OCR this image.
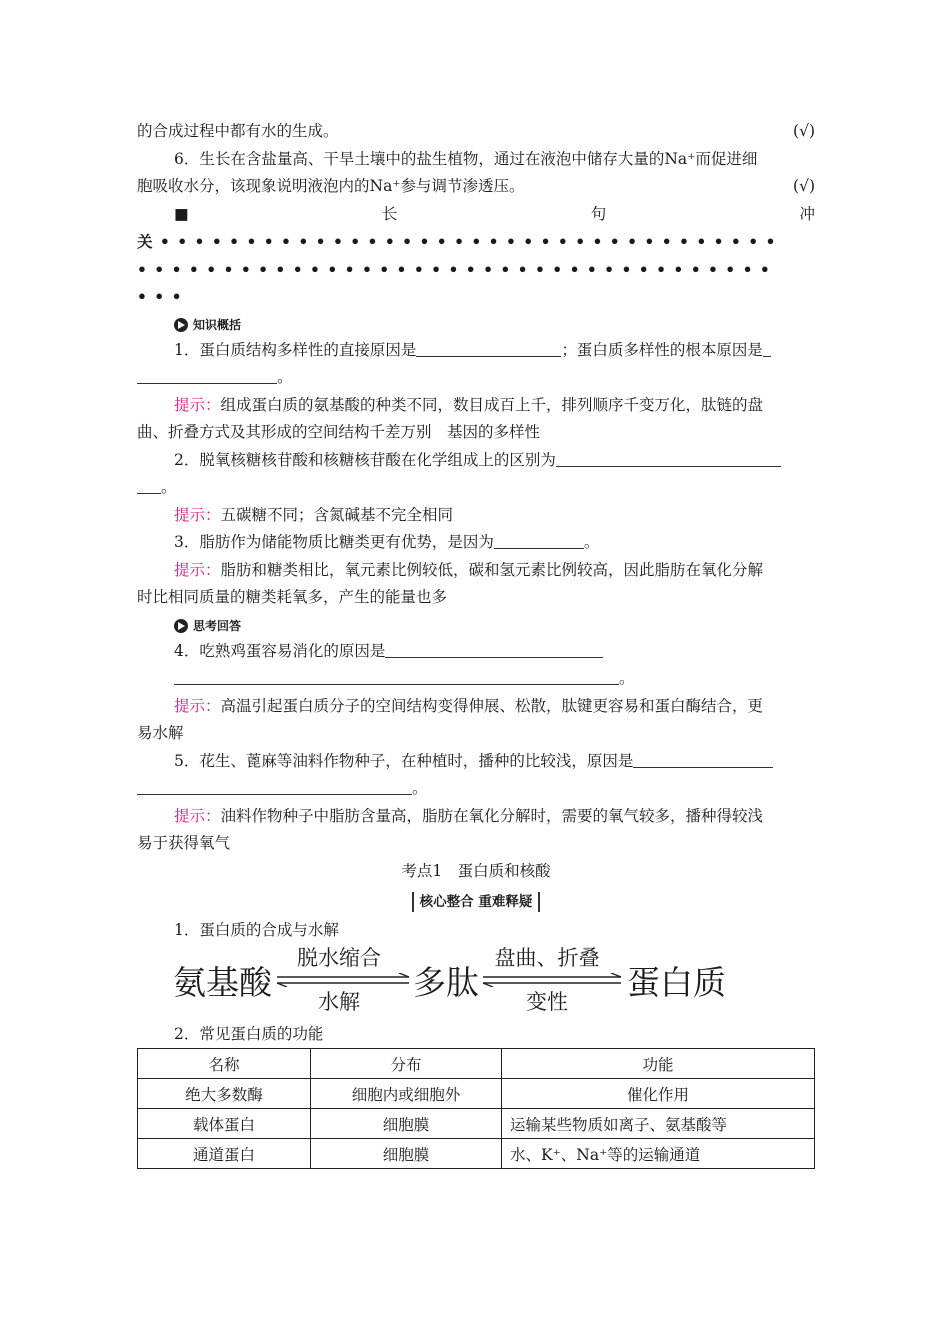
的合成过程中都有水的生成。	(√)
6．生长在含盐量高、干旱土壤中的盐生植物，通过在液泡中储存大量的Na⁺而促进细
胞吸收水分，该现象说明液泡内的Na⁺参与调节渗透压。	(√)
■	长	句	冲
关 • • • • • • • • • • • • • • • • • • • • • • • • • • • • • • • • • • • •
• • • • • • • • • • • • • • • • • • • • • • • • • • • • • • • • • • • • •
• • •
知识概括
1．蛋白质结构多样性的直接原因是	；蛋白质多样性的根本原因是
。
提示：组成蛋白质的氨基酸的种类不同，数目成百上千，排列顺序千变万化，肽链的盘
曲、折叠方式及其形成的空间结构千差万别　基因的多样性
2．脱氧核糖核苷酸和核糖核苷酸在化学组成上的区别为
。
提示：五碳糖不同；含氮碱基不完全相同
3．脂肪作为储能物质比糖类更有优势，是因为	。
提示：脂肪和糖类相比，氧元素比例较低，碳和氢元素比例较高，因此脂肪在氧化分解
时比相同质量的糖类耗氧多，产生的能量也多
思考回答
4．吃熟鸡蛋容易消化的原因是
。
提示：高温引起蛋白质分子的空间结构变得伸展、松散，肽键更容易和蛋白酶结合，更
易水解
5．花生、蓖麻等油料作物种子，在种植时，播种的比较浅，原因是
。
提示：油料作物种子中脂肪含量高，脂肪在氧化分解时，需要的氧气较多，播种得较浅
易于获得氧气
考点1　蛋白质和核酸
核心整合 重难释疑
1．蛋白质的合成与水解
氨基酸
脱水缩合
水解	多肽
盘曲、折叠
变性	蛋白质
2．常见蛋白质的功能
名称	分布	功能
绝大多数酶	细胞内或细胞外	催化作用
载体蛋白	细胞膜	运输某些物质如离子、氨基酸等
通道蛋白	细胞膜	水、K⁺、Na⁺等的运输通道
